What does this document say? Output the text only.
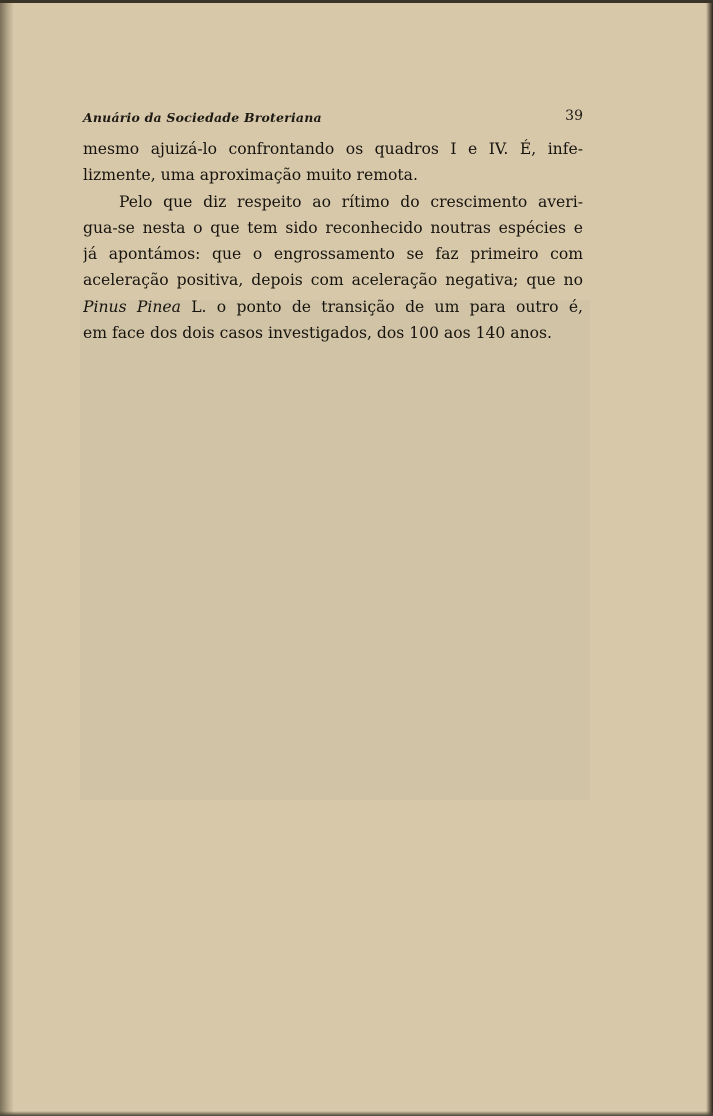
Anuário da Sociedade Broteriana	39
mesmo ajuizá-lo confrontando os quadros I e IV. É, infe-
lizmente, uma aproximação muito remota.
Pelo que diz respeito ao rítimo do crescimento averi-
gua-se nesta o que tem sido reconhecido noutras espécies e
já apontámos: que o engrossamento se faz primeiro com
aceleração positiva, depois com aceleração negativa; que no
Pinus Pinea L. o ponto de transição de um para outro é,
em face dos dois casos investigados, dos 100 aos 140 anos.
